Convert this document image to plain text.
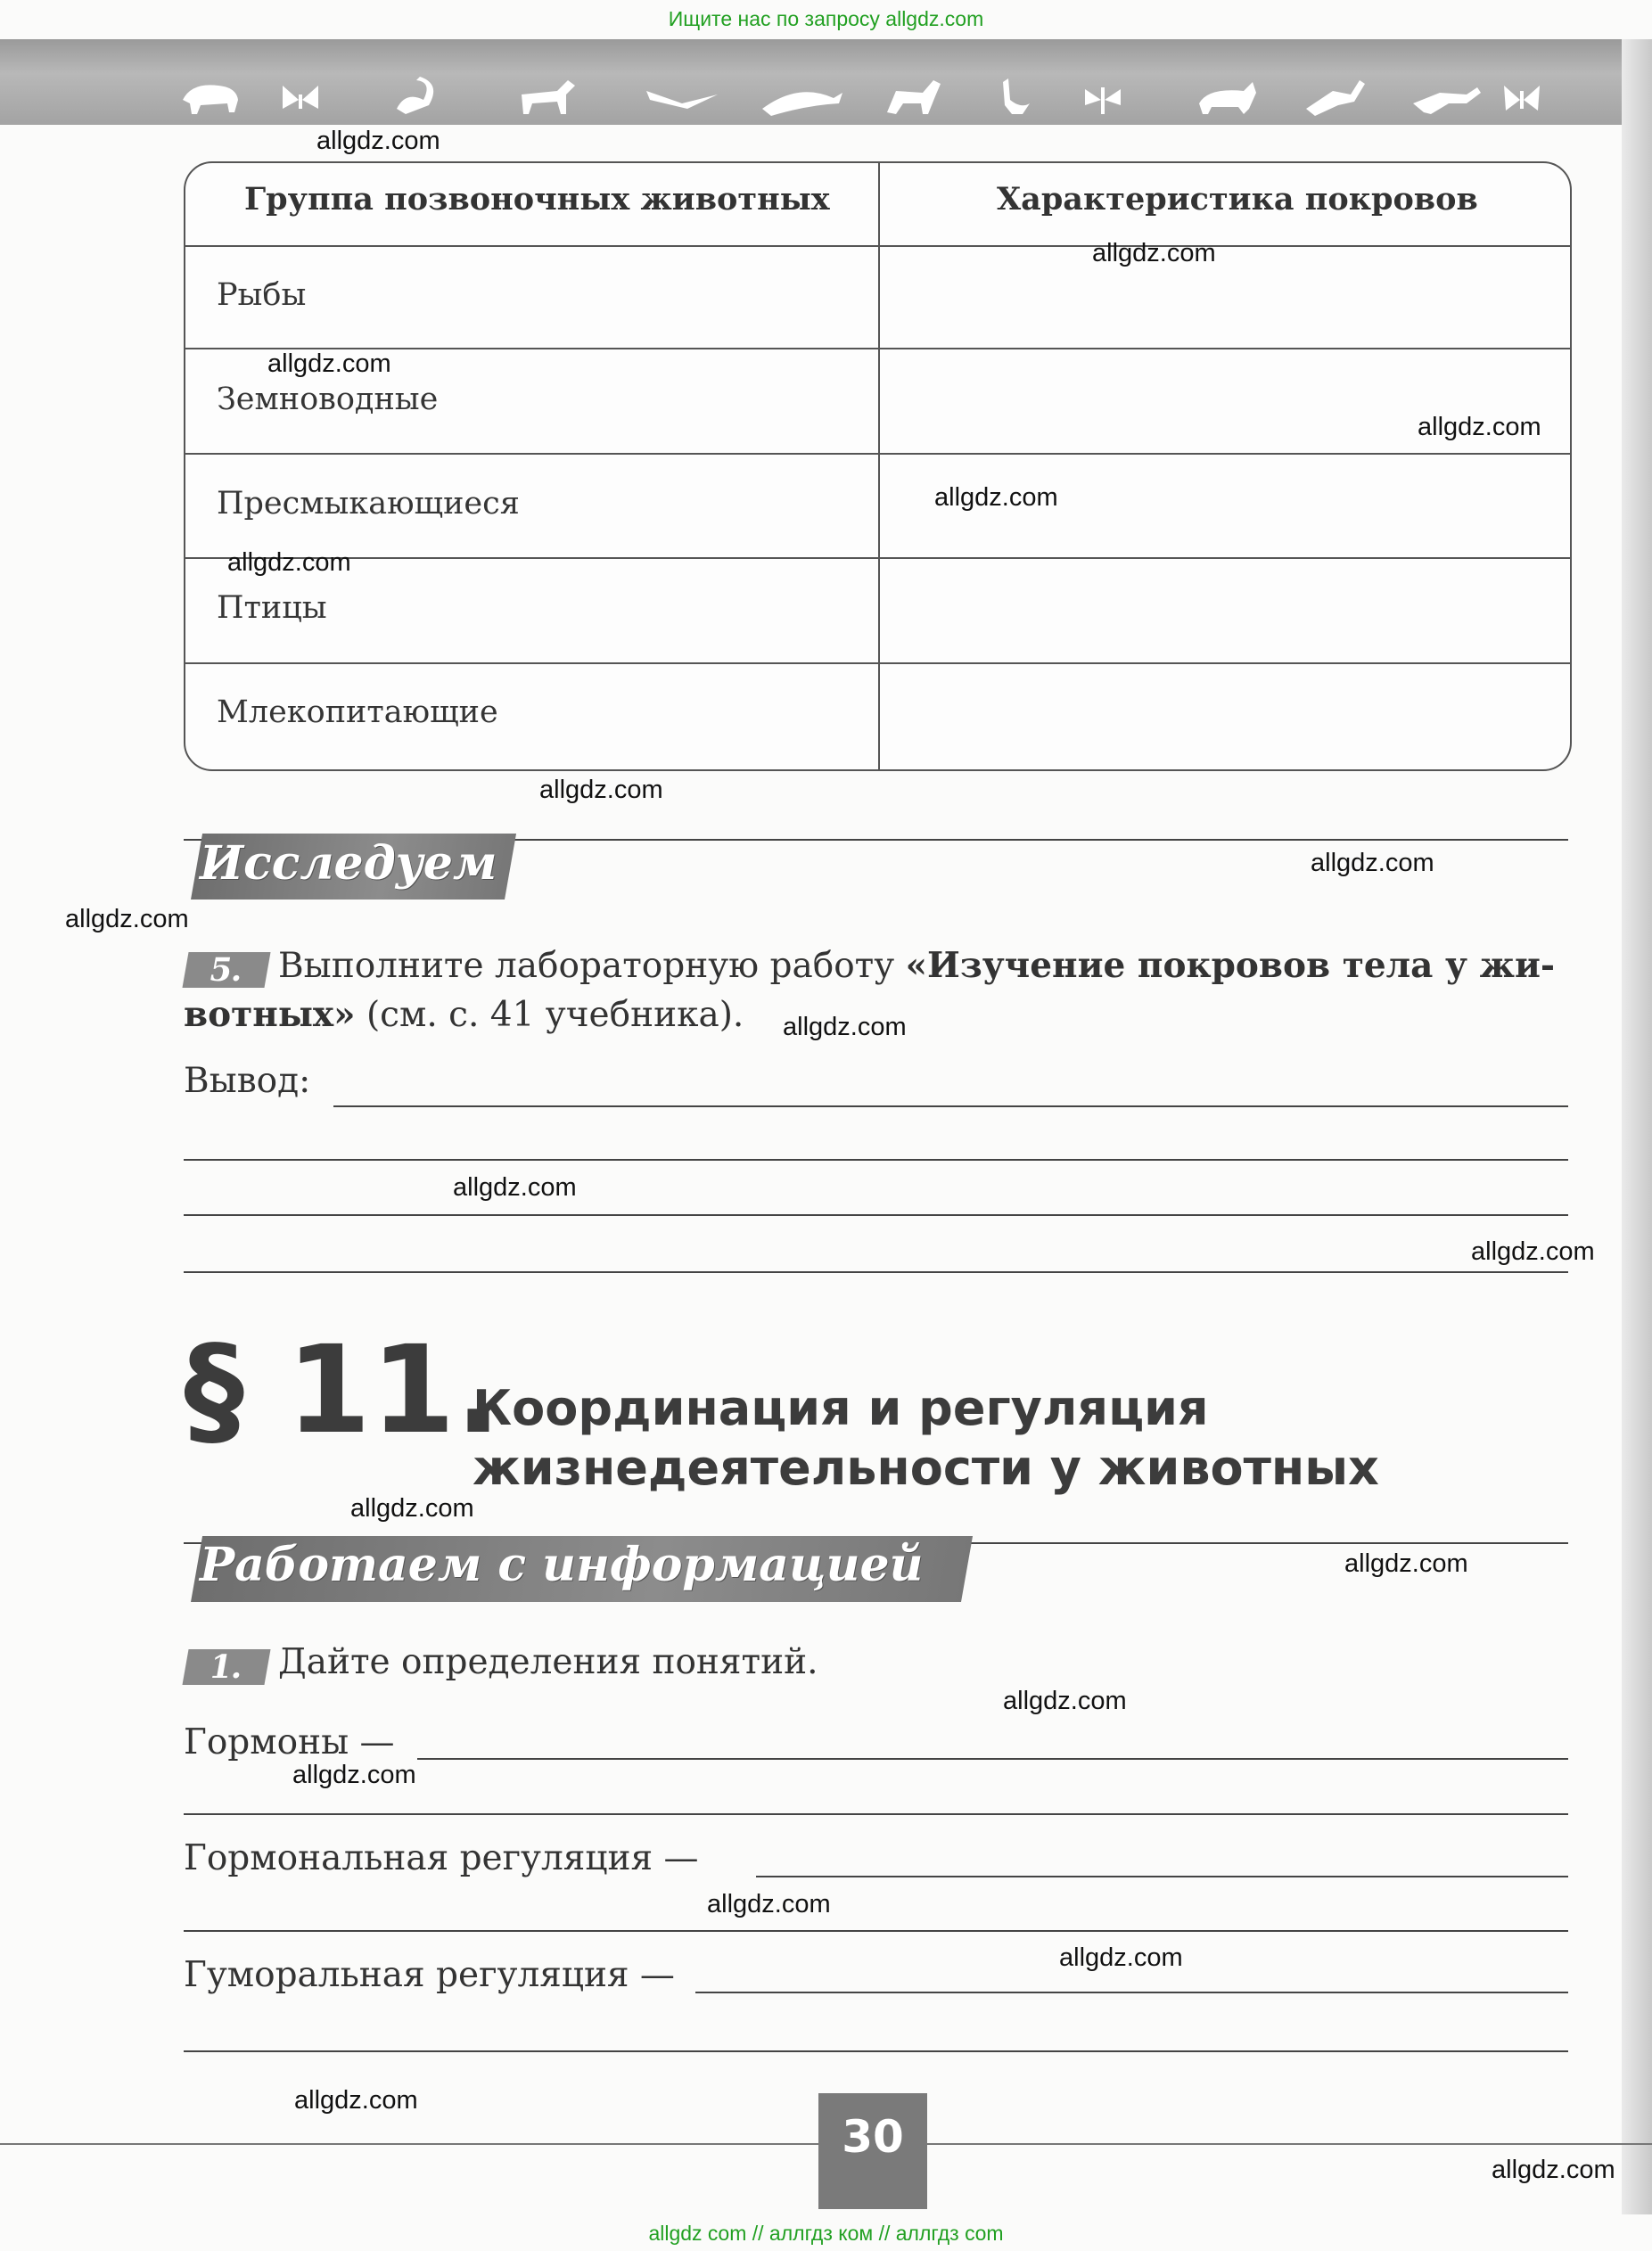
Ищите нас по запросу allgdz.com
Группа позвоночных животных	Характеристика покровов
Рыбы
Земноводные
Пресмыкающиеся
Птицы
Млекопитающие
Исследуем
5. Выполните лабораторную работу «Изучение покровов тела у жи-
вотных» (см. с. 41 учебника).
Вывод:
§ 11.
Координация и регуляция
жизнедеятельности у животных
Работаем с информацией
1. Дайте определения понятий.
Гормоны —
Гормональная регуляция —
Гуморальная регуляция —
30
allgdz.com
allgdz.com
allgdz.com
allgdz.com
allgdz.com
allgdz.com
allgdz.com
allgdz.com
allgdz.com
allgdz.com
allgdz.com
allgdz.com
allgdz.com
allgdz.com
allgdz.com
allgdz.com
allgdz.com
allgdz.com
allgdz.com
allgdz.com
allgdz com // аллгдз ком // аллгдз com
